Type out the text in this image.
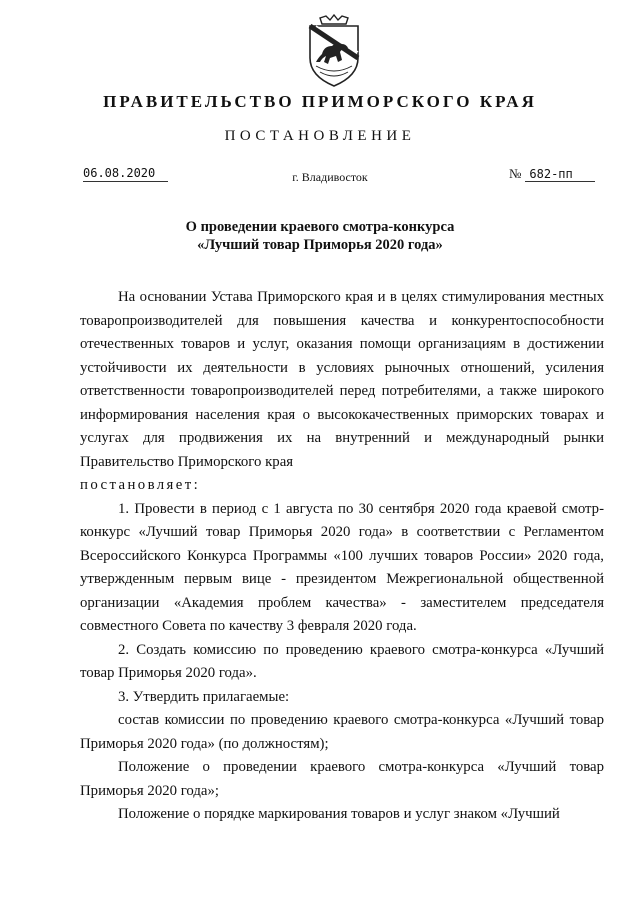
ПРАВИТЕЛЬСТВО ПРИМОРСКОГО КРАЯ
ПОСТАНОВЛЕНИЕ
06.08.2020	г. Владивосток	№ 682-пп
О проведении краевого смотра-конкурса
«Лучший товар Приморья 2020 года»

На основании Устава Приморского края и в целях стимулирования местных товаропроизводителей для повышения качества и конкурентоспособности отечественных товаров и услуг, оказания помощи организациям в достижении устойчивости их деятельности в условиях рыночных отношений, усиления ответственности товаропроизводителей перед потребителями, а также широкого информирования населения края о высококачественных приморских товарах и услугах для продвижения их на внутренний и международный рынки Правительство Приморского края

постановляет:

1. Провести в период с 1 августа по 30 сентября 2020 года краевой смотр-конкурс «Лучший товар Приморья 2020 года» в соответствии с Регламентом Всероссийского Конкурса Программы «100 лучших товаров России» 2020 года, утвержденным первым вице - президентом Межрегиональной общественной организации «Академия проблем качества» - заместителем председателя совместного Совета по качеству 3 февраля 2020 года.

2. Создать комиссию по проведению краевого смотра-конкурса «Лучший товар Приморья 2020 года».

3. Утвердить прилагаемые:

состав комиссии по проведению краевого смотра-конкурса «Лучший товар Приморья 2020 года» (по должностям);

Положение о проведении краевого смотра-конкурса «Лучший товар Приморья 2020 года»;

Положение о порядке маркирования товаров и услуг знаком «Лучший
